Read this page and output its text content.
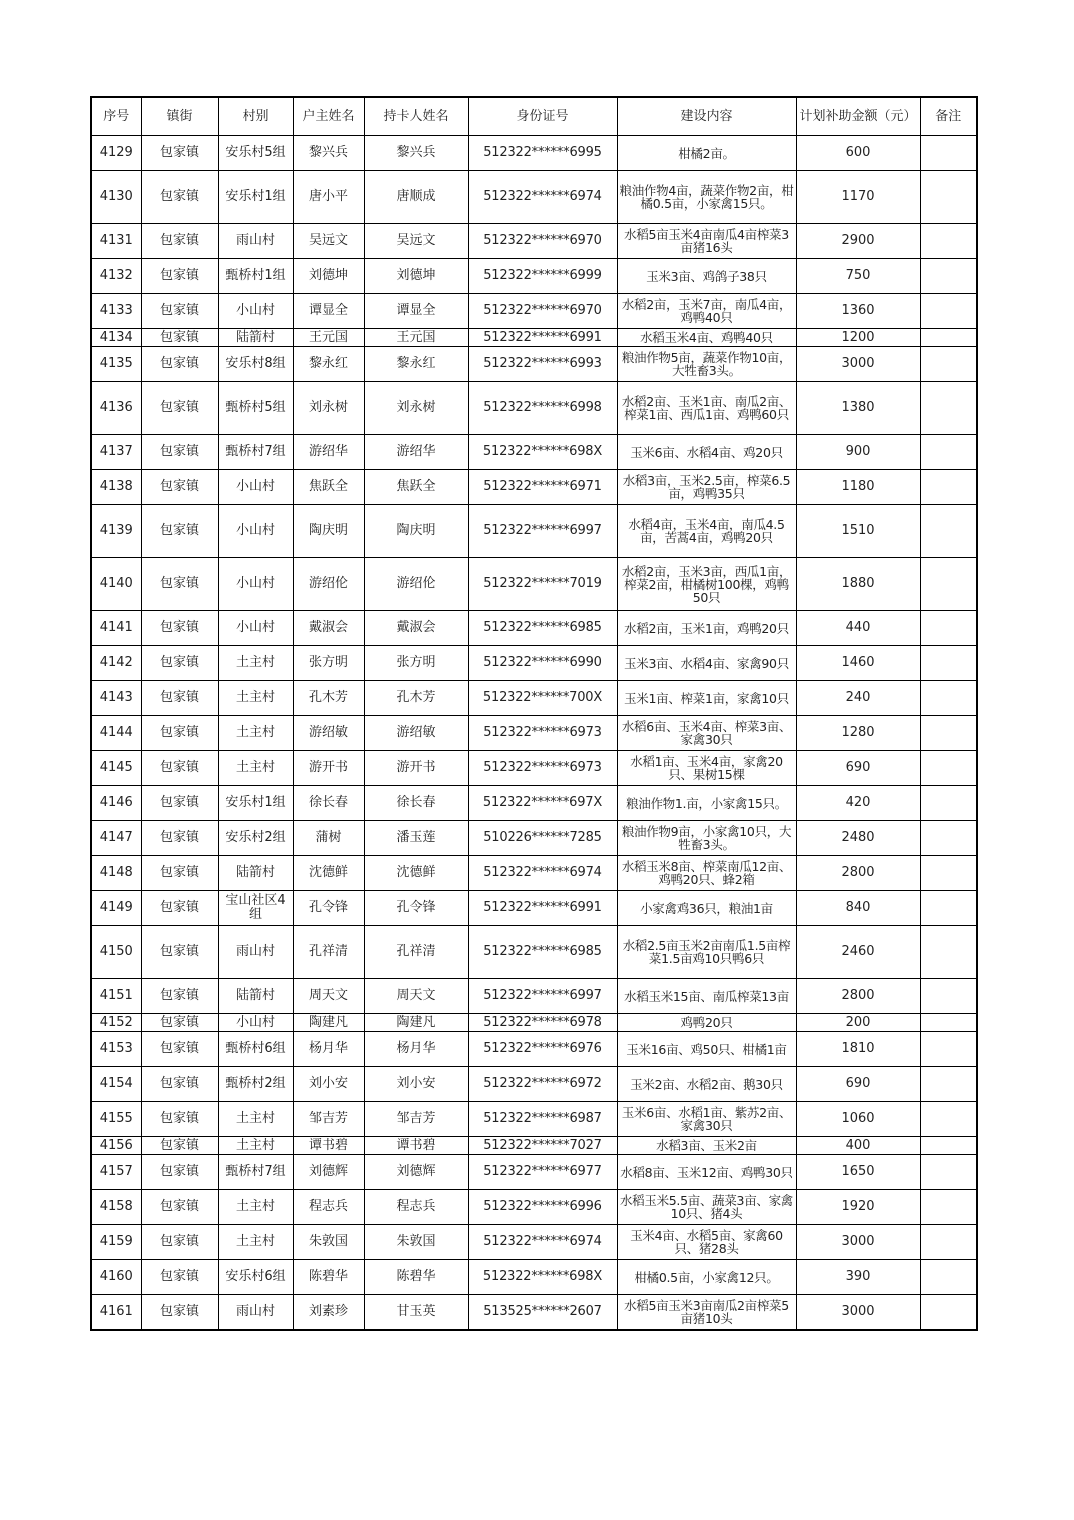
序号	镇街	村别	户主姓名	持卡人姓名	身份证号	建设内容	计划补助金额（元）	备注
4129	包家镇	安乐村5组	黎兴兵	黎兴兵	512322******6995	柑橘2亩。	600	
4130	包家镇	安乐村1组	唐小平	唐顺成	512322******6974	粮油作物4亩，蔬菜作物2亩，柑橘0.5亩，小家禽15只。	1170	
4131	包家镇	雨山村	吴远文	吴远文	512322******6970	水稻5亩玉米4亩南瓜4亩榨菜3亩猪16头	2900	
4132	包家镇	甄桥村1组	刘德坤	刘德坤	512322******6999	玉米3亩、鸡鸽子38只	750	
4133	包家镇	小山村	谭显全	谭显全	512322******6970	水稻2亩，玉米7亩，南瓜4亩，鸡鸭40只	1360	
4134	包家镇	陆箭村	王元国	王元国	512322******6991	水稻玉米4亩、鸡鸭40只	1200	
4135	包家镇	安乐村8组	黎永红	黎永红	512322******6993	粮油作物5亩，蔬菜作物10亩，大牲畜3头。	3000	
4136	包家镇	甄桥村5组	刘永树	刘永树	512322******6998	水稻2亩、玉米1亩、南瓜2亩、榨菜1亩、西瓜1亩、鸡鸭60只	1380	
4137	包家镇	甄桥村7组	游绍华	游绍华	512322******698X	玉米6亩、水稻4亩、鸡20只	900	
4138	包家镇	小山村	焦跃全	焦跃全	512322******6971	水稻3亩，玉米2.5亩，榨菜6.5亩，鸡鸭35只	1180	
4139	包家镇	小山村	陶庆明	陶庆明	512322******6997	水稻4亩，玉米4亩，南瓜4.5亩，苦蒿4亩，鸡鸭20只	1510	
4140	包家镇	小山村	游绍伦	游绍伦	512322******7019	水稻2亩，玉米3亩，西瓜1亩，榨菜2亩，柑橘树100棵，鸡鸭50只	1880	
4141	包家镇	小山村	戴淑会	戴淑会	512322******6985	水稻2亩，玉米1亩，鸡鸭20只	440	
4142	包家镇	土主村	张方明	张方明	512322******6990	玉米3亩、水稻4亩、家禽90只	1460	
4143	包家镇	土主村	孔木芳	孔木芳	512322******700X	玉米1亩、榨菜1亩，家禽10只	240	
4144	包家镇	土主村	游绍敏	游绍敏	512322******6973	水稻6亩、玉米4亩、榨菜3亩、家禽30只	1280	
4145	包家镇	土主村	游开书	游开书	512322******6973	水稻1亩、玉米4亩，家禽20只、果树15棵	690	
4146	包家镇	安乐村1组	徐长春	徐长春	512322******697X	粮油作物1.亩，小家禽15只。	420	
4147	包家镇	安乐村2组	蒲树	潘玉莲	510226******7285	粮油作物9亩，小家禽10只，大牲畜3头。	2480	
4148	包家镇	陆箭村	沈德鲜	沈德鲜	512322******6974	水稻玉米8亩、榨菜南瓜12亩、鸡鸭20只、蜂2箱	2800	
4149	包家镇	宝山社区4组	孔令锋	孔令锋	512322******6991	小家禽鸡36只，粮油1亩	840	
4150	包家镇	雨山村	孔祥清	孔祥清	512322******6985	水稻2.5亩玉米2亩南瓜1.5亩榨菜1.5亩鸡10只鸭6只	2460	
4151	包家镇	陆箭村	周天文	周天文	512322******6997	水稻玉米15亩、南瓜榨菜13亩	2800	
4152	包家镇	小山村	陶建凡	陶建凡	512322******6978	鸡鸭20只	200	
4153	包家镇	甄桥村6组	杨月华	杨月华	512322******6976	玉米16亩、鸡50只、柑橘1亩	1810	
4154	包家镇	甄桥村2组	刘小安	刘小安	512322******6972	玉米2亩、水稻2亩、鹅30只	690	
4155	包家镇	土主村	邹吉芳	邹吉芳	512322******6987	玉米6亩、水稻1亩、紫苏2亩、家禽30只	1060	
4156	包家镇	土主村	谭书碧	谭书碧	512322******7027	水稻3亩、玉米2亩	400	
4157	包家镇	甄桥村7组	刘德辉	刘德辉	512322******6977	水稻8亩、玉米12亩、鸡鸭30只	1650	
4158	包家镇	土主村	程志兵	程志兵	512322******6996	水稻玉米5.5亩、蔬菜3亩、家禽10只、猪4头	1920	
4159	包家镇	土主村	朱敦国	朱敦国	512322******6974	玉米4亩、水稻5亩、家禽60只、猪28头	3000	
4160	包家镇	安乐村6组	陈碧华	陈碧华	512322******698X	柑橘0.5亩，小家禽12只。	390	
4161	包家镇	雨山村	刘素珍	甘玉英	513525******2607	水稻5亩玉米3亩南瓜2亩榨菜5亩猪10头	3000	
